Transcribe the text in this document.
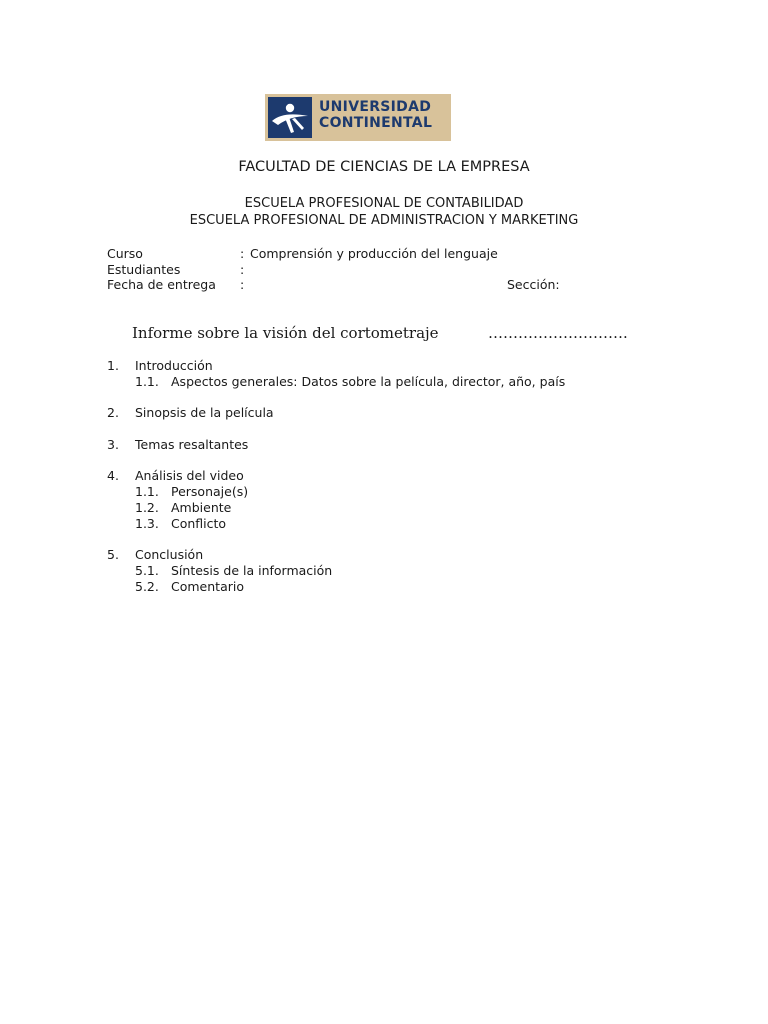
UNIVERSIDAD
CONTINENTAL
FACULTAD DE CIENCIAS DE LA EMPRESA
ESCUELA PROFESIONAL DE CONTABILIDAD
ESCUELA PROFESIONAL DE ADMINISTRACION Y MARKETING
Curso	: Comprensión y producción del lenguaje
Estudiantes	:
Fecha de entrega :	Sección:
Informe sobre la visión del cortometraje	……………………….
1. Introducción
1.1. Aspectos generales: Datos sobre la película, director, año, país
2. Sinopsis de la película
3. Temas resaltantes
4. Análisis del video
1.1. Personaje(s)
1.2. Ambiente
1.3. Conflicto
5. Conclusión
5.1. Síntesis de la información
5.2. Comentario
